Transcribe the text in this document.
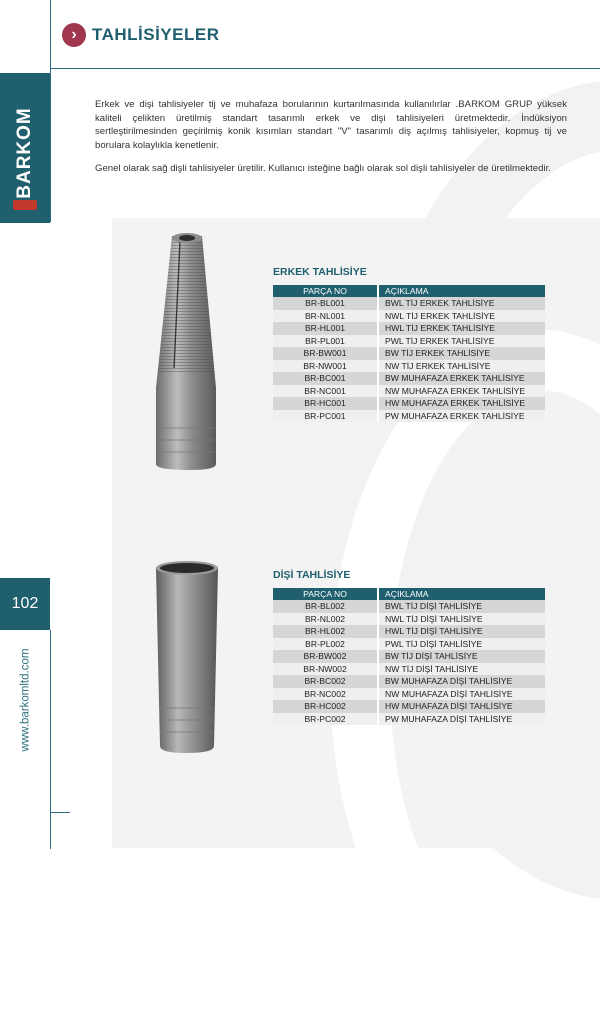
BARKOM
102
www.barkomltd.com
› TAHLİSİYELER

Erkek ve dişi tahlisiyeler tij ve muhafaza borularının kurtarılmasında kullanılırlar .BARKOM GRUP yüksek kaliteli çelikten üretilmiş standart tasarımlı erkek ve dişi tahlisiyeleri üretmektedir. İndüksiyon sertleştirilmesinden geçirilmiş konik kısımları standart "V" tasarımlı diş açılmış tahlisiyeler, kopmuş tij ve borulara kolaylıkla kenetlenir.

Genel olarak sağ dişli tahlisiyeler üretilir. Kullanıcı isteğine bağlı olarak sol dişli tahlisiyeler de üretilmektedir.

ERKEK TAHLİSİYE
PARÇA NO	AÇIKLAMA
BR-BL001	BWL TİJ ERKEK TAHLİSİYE
BR-NL001	NWL TİJ ERKEK TAHLİSİYE
BR-HL001	HWL TİJ ERKEK TAHLİSİYE
BR-PL001	PWL TİJ ERKEK TAHLİSİYE
BR-BW001	BW TİJ ERKEK TAHLİSİYE
BR-NW001	NW TİJ ERKEK TAHLİSİYE
BR-BC001	BW MUHAFAZA ERKEK TAHLİSİYE
BR-NC001	NW MUHAFAZA ERKEK TAHLİSİYE
BR-HC001	HW MUHAFAZA ERKEK TAHLİSİYE
BR-PC001	PW MUHAFAZA ERKEK TAHLİSİYE
DİŞİ TAHLİSİYE
PARÇA NO	AÇIKLAMA
BR-BL002	BWL TİJ DİŞİ TAHLİSİYE
BR-NL002	NWL TİJ DİŞİ TAHLİSİYE
BR-HL002	HWL TİJ DİŞİ TAHLİSİYE
BR-PL002	PWL TİJ DİŞİ TAHLİSİYE
BR-BW002	BW TİJ DİŞİ TAHLİSİYE
BR-NW002	NW TİJ DİŞİ TAHLİSİYE
BR-BC002	BW MUHAFAZA DİŞİ TAHLİSİYE
BR-NC002	NW MUHAFAZA DİŞİ TAHLİSİYE
BR-HC002	HW MUHAFAZA DİŞİ TAHLİSİYE
BR-PC002	PW MUHAFAZA DİŞİ TAHLİSİYE
